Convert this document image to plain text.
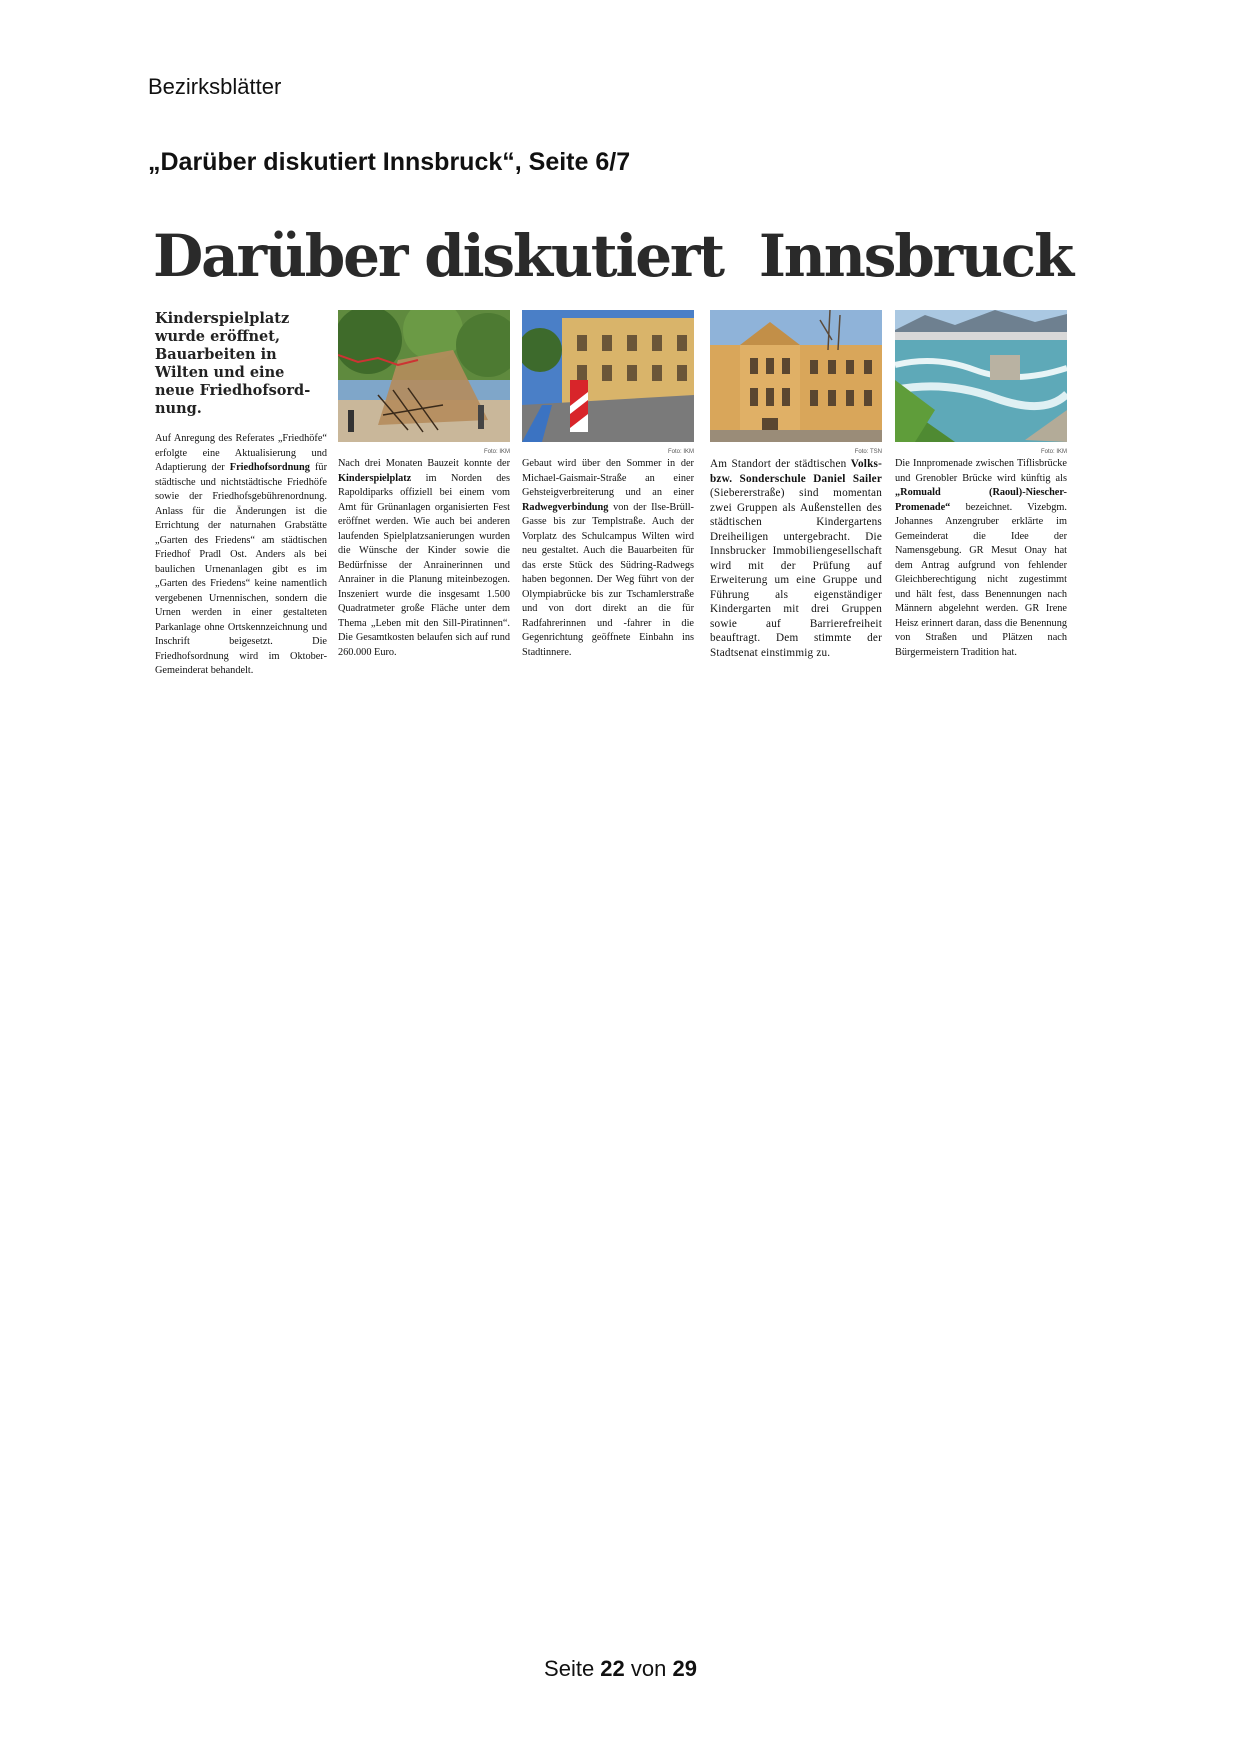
Bezirksblätter
„Darüber diskutiert Innsbruck“, Seite 6/7
Darüber diskutiert  Innsbruck

Kinderspielplatz wurde eröffnet, Bauarbeiten in Wilten und eine neue Friedhofsord-nung.

Auf Anregung des Referates „Friedhöfe“ erfolgte eine Aktualisierung und Adaptierung der Friedhofsordnung für städtische und nichtstädtische Friedhöfe sowie der Friedhofsgebührenordnung. Anlass für die Änderungen ist die Errichtung der naturnahen Grabstätte „Garten des Friedens“ am städtischen Friedhof Pradl Ost. Anders als bei baulichen Urnenanlagen gibt es im „Garten des Friedens“ keine namentlich vergebenen Urnennischen, sondern die Urnen werden in einer gestalteten Parkanlage ohne Ortskennzeichnung und Inschrift beigesetzt. Die Friedhofsordnung wird im Oktober-Gemeinderat behandelt.

Foto: IKM

Nach drei Monaten Bauzeit konnte der Kinderspielplatz im Norden des Rapoldiparks offiziell bei einem vom Amt für Grünanlagen organisierten Fest eröffnet werden. Wie auch bei anderen laufenden Spielplatzsanierungen wurden die Wünsche der Kinder sowie die Bedürfnisse der Anrainerinnen und Anrainer in die Planung miteinbezogen. Inszeniert wurde die insgesamt 1.500 Quadratmeter große Fläche unter dem Thema „Leben mit den Sill-Piratinnen“. Die Gesamtkosten belaufen sich auf rund 260.000 Euro.

Foto: IKM

Gebaut wird über den Sommer in der Michael-Gaismair-Straße an einer Gehsteigverbreiterung und an einer Radwegverbindung von der Ilse-Brüll-Gasse bis zur Templstraße. Auch der Vorplatz des Schulcampus Wilten wird neu gestaltet. Auch die Bauarbeiten für das erste Stück des Südring-Radwegs haben begonnen. Der Weg führt von der Olympiabrücke bis zur Tschamlerstraße und von dort direkt an die für Radfahrerinnen und -fahrer in die Gegenrichtung geöffnete Einbahn ins Stadtinnere.

Foto: TSN

Am Standort der städtischen Volks- bzw. Sonderschule Daniel Sailer (Siebererstraße) sind momentan zwei Gruppen als Außenstellen des städtischen Kindergartens Dreiheiligen untergebracht. Die Innsbrucker Immobiliengesellschaft wird mit der Prüfung auf Erweiterung um eine Gruppe und Führung als eigenständiger Kindergarten mit drei Gruppen sowie auf Barrierefreiheit beauftragt. Dem stimmte der Stadtsenat einstimmig zu.

Foto: IKM

Die Innpromenade zwischen Tiflisbrücke und Grenobler Brücke wird künftig als „Romuald (Raoul)-Niescher-Promenade“ bezeichnet. Vizebgm. Johannes Anzengruber erklärte im Gemeinderat die Idee der Namensgebung. GR Mesut Onay hat dem Antrag aufgrund von fehlender Gleichberechtigung nicht zugestimmt und hält fest, dass Benennungen nach Männern abgelehnt werden. GR Irene Heisz erinnert daran, dass die Benennung von Straßen und Plätzen nach Bürgermeistern Tradition hat.

Seite 22 von 29
